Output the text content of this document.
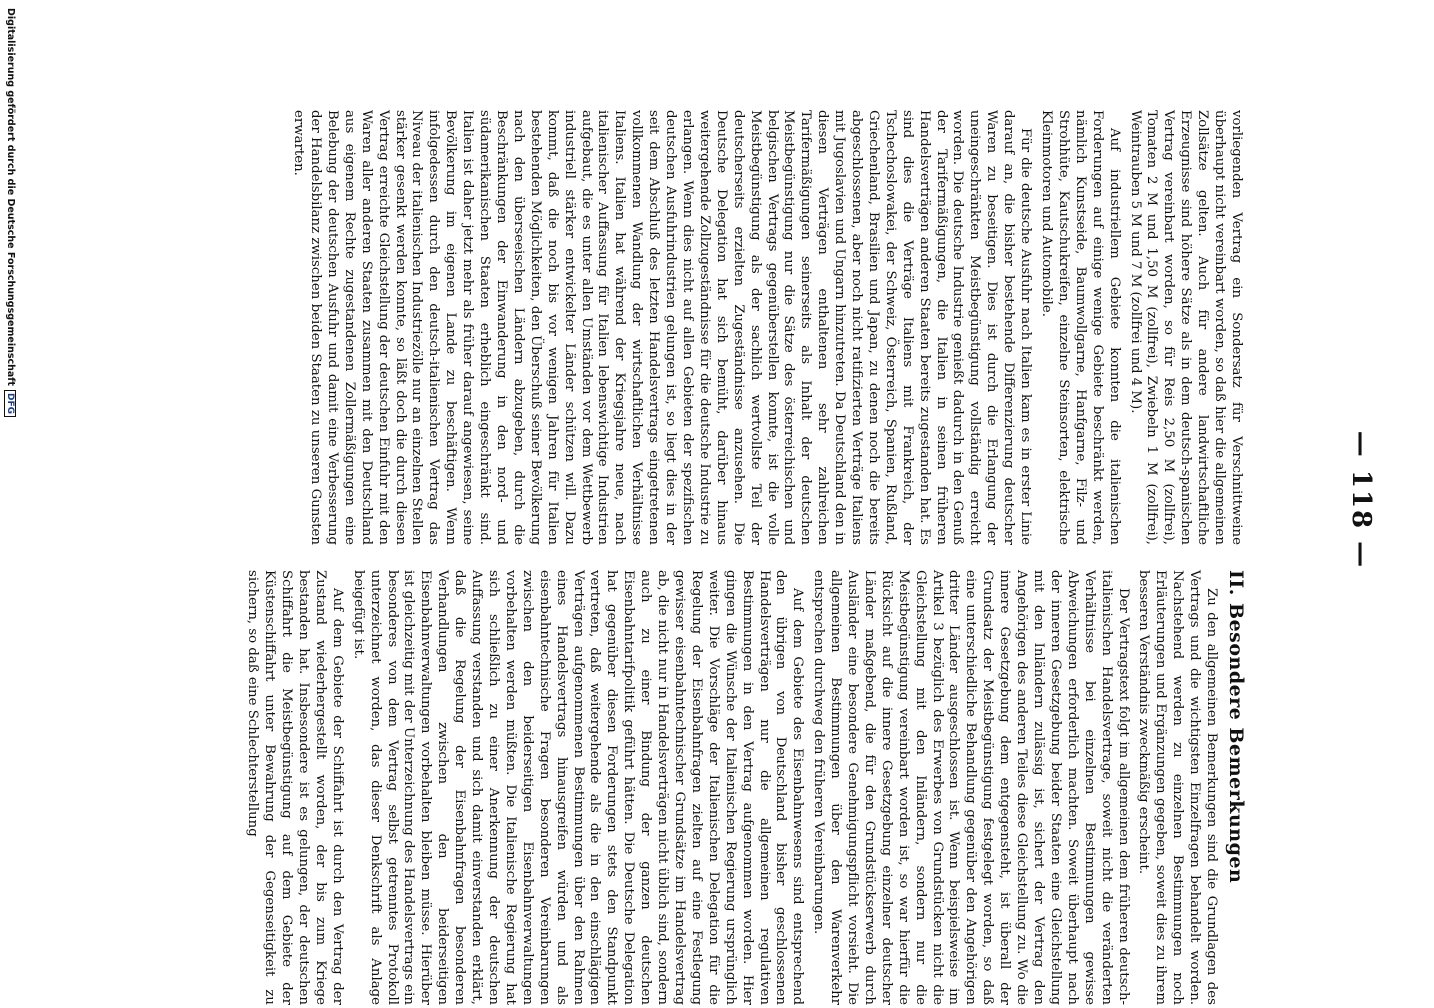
— 118 —

vorliegenden Vertrag ein Sondersatz für Verschnittweine überhaupt nicht vereinbart worden, so daß hier die allgemeinen Zollsätze gelten. Auch für andere landwirtschaftliche Erzeugnisse sind höhere Sätze als in dem deutsch-spanischen Vertrag vereinbart worden, so für Reis 2,50 M (zollfrei), Tomaten 2 M und 1,50 M (zollfrei), Zwiebeln 1 M (zollfrei), Weintrauben 5 M und 7 M (zollfrei und 4 M).

Auf industriellem Gebiete konnten die italienischen Forderungen auf einige wenige Gebiete beschränkt werden, nämlich Kunstseide, Baumwollgarne, Hanfgarne, Filz- und Strohhüte, Kautschukreifen, einzelne Steinsorten, elektrische Kleinmotoren und Automobile.

Für die deutsche Ausfuhr nach Italien kam es in erster Linie darauf an, die bisher bestehende Differenzierung deutscher Waren zu beseitigen. Dies ist durch die Erlangung der uneingeschränkten Meistbegünstigung vollständig erreicht worden. Die deutsche Industrie genießt dadurch in den Genuß der Tarifermäßigungen, die Italien in seinen früheren Handelsverträgen anderen Staaten bereits zugestanden hat. Es sind dies die Verträge Italiens mit Frankreich, der Tschechoslowakei, der Schweiz, Österreich, Spanien, Rußland, Griechenland, Brasilien und Japan, zu denen noch die bereits abgeschlossenen, aber noch nicht ratifizierten Verträge Italiens mit Jugoslavien und Ungarn hinzutreten. Da Deutschland den in diesen Verträgen enthaltenen sehr zahlreichen Tarifermäßigungen seinerseits als Inhalt der deutschen Meistbegünstigung nur die Sätze des österreichischen und belgischen Vertrags gegenüberstellen konnte, ist die volle Meistbegünstigung als der sachlich wertvollste Teil der deutscherseits erzielten Zugeständnisse anzusehen. Die Deutsche Delegation hat sich bemüht, darüber hinaus weitergehende Zollzugeständnisse für die deutsche Industrie zu erlangen. Wenn dies nicht auf allen Gebieten der spezifischen deutschen Ausfuhrindustrien gelungen ist, so liegt dies in der seit dem Abschluß des letzten Handelsvertrags eingetretenen vollkommenen Wandlung der wirtschaftlichen Verhältnisse Italiens. Italien hat während der Kriegsjahre neue, nach italienischer Auffassung für Italien lebenswichtige Industrien aufgebaut, die es unter allen Umständen vor dem Wettbewerb industriell stärker entwickelter Länder schützen will. Dazu kommt, daß die noch bis vor wenigen Jahren für Italien bestehenden Möglichkeiten, den Überschuß seiner Bevölkerung nach den überseeischen Ländern abzugeben, durch die Beschränkungen der Einwanderung in den nord- und südamerikanischen Staaten erheblich eingeschränkt sind. Italien ist daher jetzt mehr als früher darauf angewiesen, seine Bevölkerung im eigenen Lande zu beschäftigen. Wenn infolgedessen durch den deutsch-italienischen Vertrag das Niveau der italienischen Industriezölle nur an einzelnen Stellen stärker gesenkt werden konnte, so läßt doch die durch diesen Vertrag erreichte Gleichstellung der deutschen Einfuhr mit den Waren aller anderen Staaten zusammen mit den Deutschland aus eigenem Rechte zugestandenen Zollermäßigungen eine Belebung der deutschen Ausfuhr und damit eine Verbesserung der Handelsbilanz zwischen beiden Staaten zu unseren Gunsten erwarten.

II. Besondere Bemerkungen

Zu den allgemeinen Bemerkungen sind die Grundlagen des Vertrags und die wichtigsten Einzelfragen behandelt worden. Nachstehend werden zu einzelnen Bestimmungen noch Erläuterungen und Ergänzungen gegeben, soweit dies zu ihrem besseren Verständnis zweckmäßig erscheint.

Der Vertragstext folgt im allgemeinen dem früheren deutsch-italienischen Handelsvertrage, soweit nicht die veränderten Verhältnisse bei einzelnen Bestimmungen gewisse Abweichungen erforderlich machten. Soweit überhaupt nach der inneren Gesetzgebung beider Staaten eine Gleichstellung mit den Inländern zulässig ist, sichert der Vertrag den Angehörigen des anderen Teiles diese Gleichstellung zu. Wo die innere Gesetzgebung dem entgegensteht, ist überall der Grundsatz der Meistbegünstigung festgelegt worden, so daß eine unterschiedliche Behandlung gegenüber den Angehörigen dritter Länder ausgeschlossen ist. Wenn beispielsweise im Artikel 3 bezüglich des Erwerbes von Grundstücken nicht die Gleichstellung mit den Inländern, sondern nur die Meistbegünstigung vereinbart worden ist, so war hierfür die Rücksicht auf die innere Gesetzgebung einzelner deutscher Länder maßgebend, die für den Grundstückserwerb durch Ausländer eine besondere Genehmigungspflicht vorsieht. Die allgemeinen Bestimmungen über den Warenverkehr entsprechen durchweg den früheren Vereinbarungen.

Auf dem Gebiete des Eisenbahnwesens sind entsprechend den übrigen von Deutschland bisher geschlossenen Handelsverträgen nur die allgemeinen regulativen Bestimmungen in den Vertrag aufgenommen worden. Hier gingen die Wünsche der Italienischen Regierung ursprünglich weiter. Die Vorschläge der Italienischen Delegation für die Regelung der Eisenbahnfragen zielten auf eine Festlegung gewisser eisenbahntechnischer Grundsätze im Handelsvertrag ab, die nicht nur in Handelsverträgen nicht üblich sind, sondern auch zu einer Bindung der ganzen deutschen Eisenbahntarifpolitik geführt hätten. Die Deutsche Delegation hat gegenüber diesen Forderungen stets den Standpunkt vertreten, daß weitergehende als die in den einschlägigen Verträgen aufgenommenen Bestimmungen über den Rahmen eines Handelsvertrags hinausgreifen würden und als eisenbahntechnische Fragen besonderen Vereinbarungen zwischen den beiderseitigen Eisenbahnverwaltungen vorbehalten werden müßten. Die Italienische Regierung hat sich schließlich zu einer Anerkennung der deutschen Auffassung verstanden und sich damit einverstanden erklärt, daß die Regelung der Eisenbahnfragen besonderen Verhandlungen zwischen den beiderseitigen Eisenbahnverwaltungen vorbehalten bleiben müsse. Hierüber ist gleichzeitig mit der Unterzeichnung des Handelsvertrags ein besonderes von dem Vertrag selbst getrenntes Protokoll unterzeichnet worden, das dieser Denkschrift als Anlage beigefügt ist.

Auf dem Gebiete der Schiffahrt ist durch den Vertrag der Zustand wiederhergestellt worden, der bis zum Kriege bestanden hat. Insbesondere ist es gelungen, der deutschen Schiffahrt die Meistbegünstigung auf dem Gebiete der Küstenschiffahrt unter Bewahrung der Gegenseitigkeit zu sichern, so daß eine Schlechterstellung

Digitalisierung gefördert durch die Deutsche ForschungsgemeinschaftDFG
